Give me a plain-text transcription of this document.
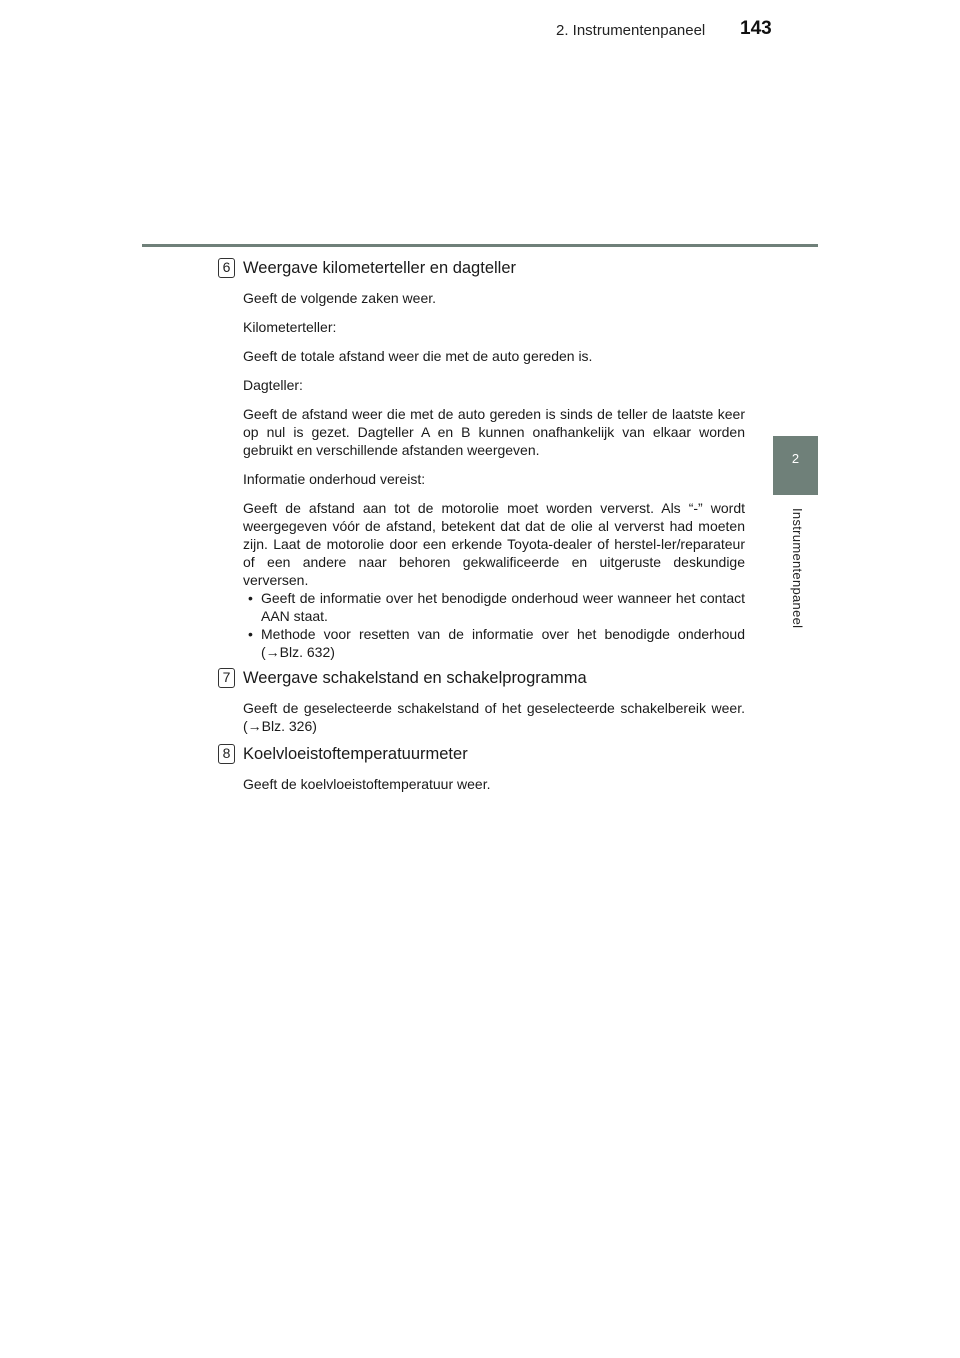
2. Instrumentenpaneel 143
2
Instrumentenpaneel
6 Weergave kilometerteller en dagteller

Geeft de volgende zaken weer.

Kilometerteller:

Geeft de totale afstand weer die met de auto gereden is.

Dagteller:

Geeft de afstand weer die met de auto gereden is sinds de teller de laatste keer op nul is gezet. Dagteller A en B kunnen onafhankelijk van elkaar worden gebruikt en verschillende afstanden weergeven.

Informatie onderhoud vereist:

Geeft de afstand aan tot de motorolie moet worden ververst. Als “-” wordt weergegeven vóór de afstand, betekent dat dat de olie al ververst had moeten zijn. Laat de motorolie door een erkende Toyota-dealer of herstel-ler/reparateur of een andere naar behoren gekwalificeerde en uitgeruste deskundige verversen.

• Geeft de informatie over het benodigde onderhoud weer wanneer het contact AAN staat.
• Methode voor resetten van de informatie over het benodigde onderhoud (→Blz. 632)
7 Weergave schakelstand en schakelprogramma

Geeft de geselecteerde schakelstand of het geselecteerde schakelbereik weer. (→Blz. 326)

8 Koelvloeistoftemperatuurmeter

Geeft de koelvloeistoftemperatuur weer.
